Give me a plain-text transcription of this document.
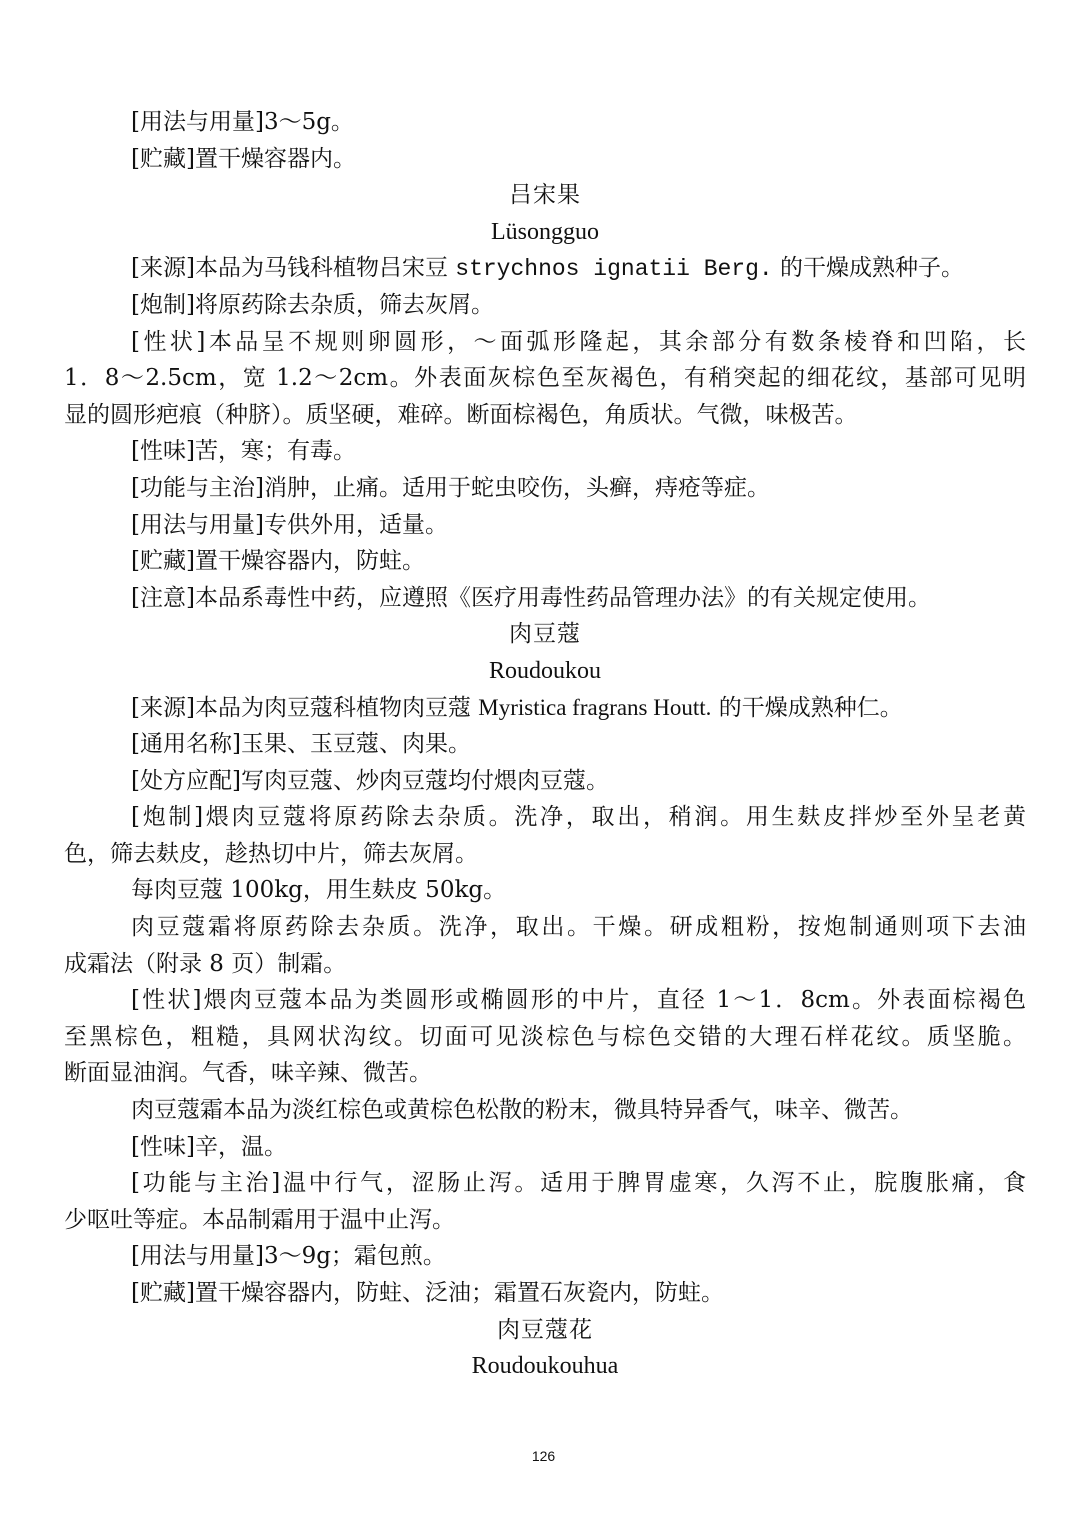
[用法与用量]3～5g。
[贮藏]置干燥容器内。
吕宋果
Lüsongguo
[来源]本品为马钱科植物吕宋豆 strychnos ignatii Berg. 的干燥成熟种子。
[炮制]将原药除去杂质，筛去灰屑。
[性状]本品呈不规则卵圆形，～面弧形隆起，其余部分有数条棱脊和凹陷，长
1．8～2.5cm，宽 1.2～2cm。外表面灰棕色至灰褐色，有稍突起的细花纹，基部可见明
显的圆形疤痕（种脐）。质坚硬，难碎。断面棕褐色，角质状。气微，味极苦。
[性味]苦，寒；有毒。
[功能与主治]消肿，止痛。适用于蛇虫咬伤，头癣，痔疮等症。
[用法与用量]专供外用，适量。
[贮藏]置干燥容器内，防蛀。
[注意]本品系毒性中药，应遵照《医疗用毒性药品管理办法》的有关规定使用。
肉豆蔻
Roudoukou
[来源]本品为肉豆蔻科植物肉豆蔻 Myristica fragrans Houtt. 的干燥成熟种仁。
[通用名称]玉果、玉豆蔻、肉果。
[处方应配]写肉豆蔻、炒肉豆蔻均付煨肉豆蔻。
[炮制]煨肉豆蔻将原药除去杂质。洗净，取出，稍润。用生麸皮拌炒至外呈老黄
色，筛去麸皮，趁热切中片，筛去灰屑。
每肉豆蔻 100kg，用生麸皮 50kg。
肉豆蔻霜将原药除去杂质。洗净，取出。干燥。研成粗粉，按炮制通则项下去油
成霜法（附录 8 页）制霜。
[性状]煨肉豆蔻本品为类圆形或椭圆形的中片，直径 1～1．8cm。外表面棕褐色
至黑棕色，粗糙，具网状沟纹。切面可见淡棕色与棕色交错的大理石样花纹。质坚脆。
断面显油润。气香，味辛辣、微苦。
肉豆蔻霜本品为淡红棕色或黄棕色松散的粉末，微具特异香气，味辛、微苦。
[性味]辛，温。
[功能与主治]温中行气，涩肠止泻。适用于脾胃虚寒，久泻不止，脘腹胀痛，食
少呕吐等症。本品制霜用于温中止泻。
[用法与用量]3～9g；霜包煎。
[贮藏]置干燥容器内，防蛀、泛油；霜置石灰瓷内，防蛀。
肉豆蔻花
Roudoukouhua
126
